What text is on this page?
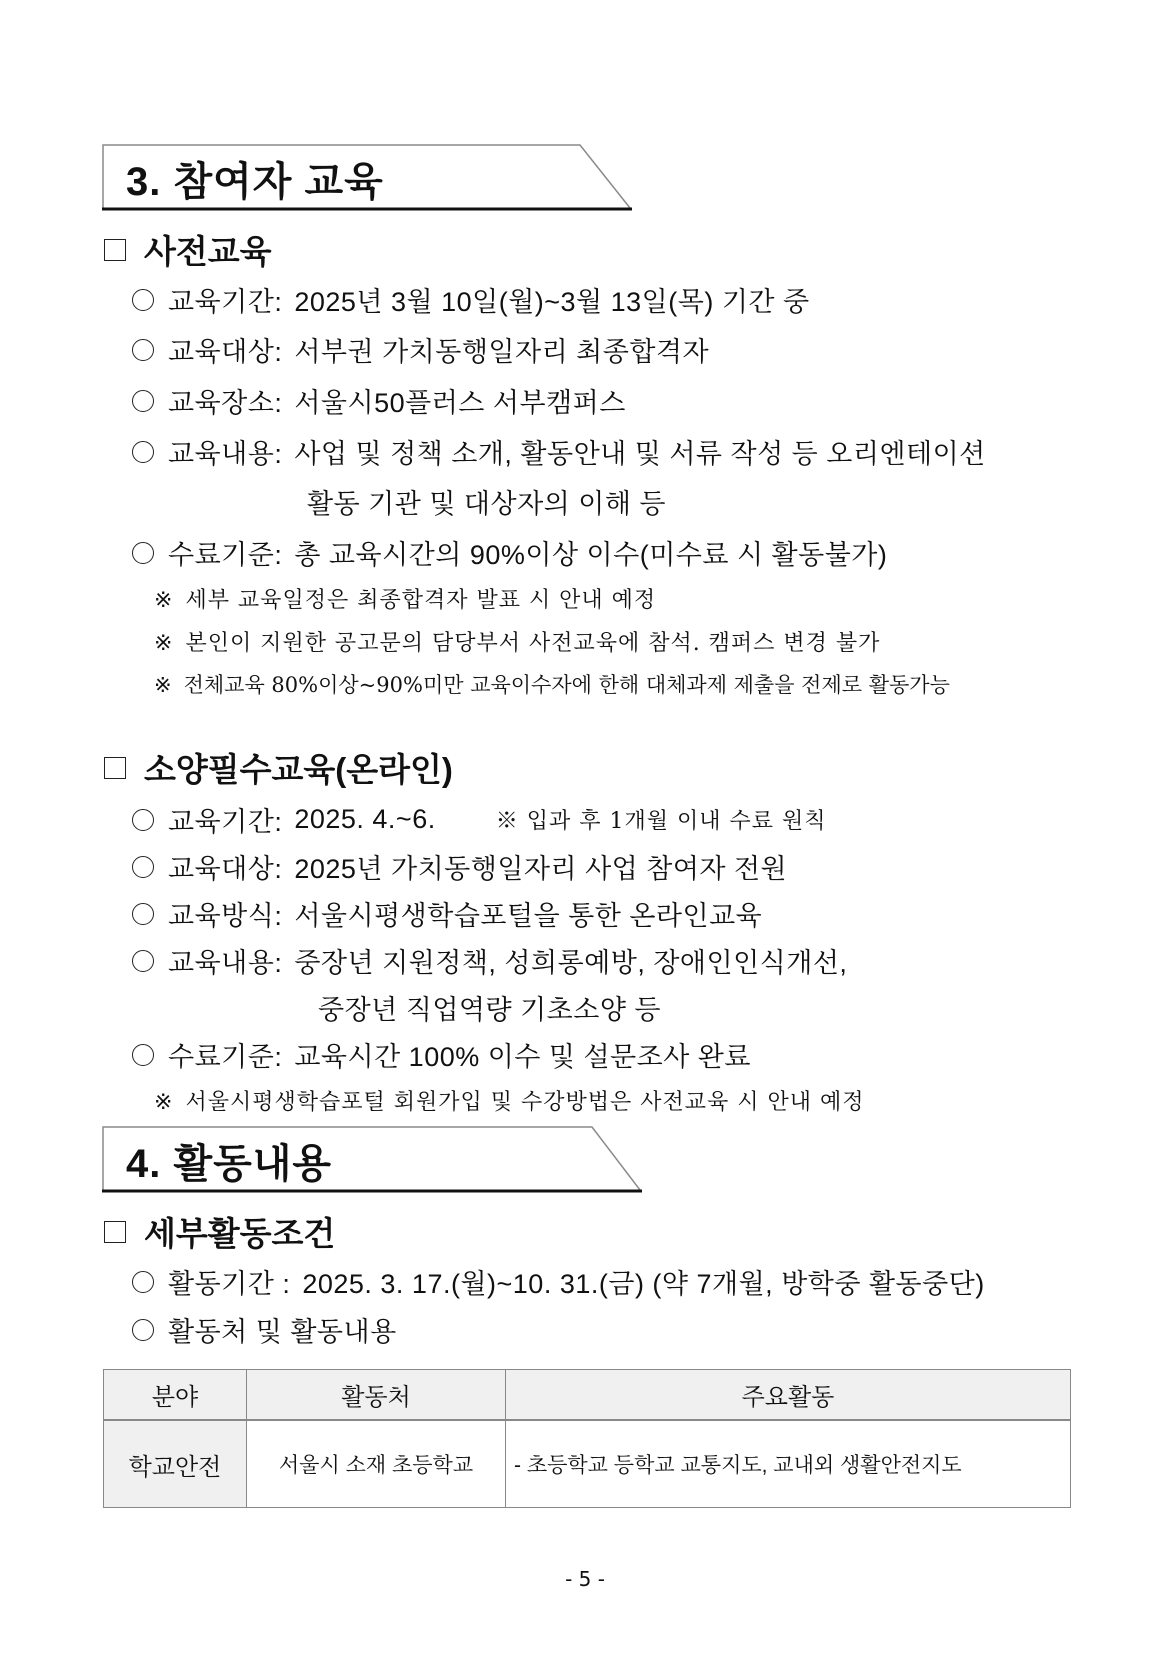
3. 참여자 교육
사전교육
교육기간: 2025년 3월 10일(월)~3월 13일(목) 기간 중
교육대상: 서부권 가치동행일자리 최종합격자
교육장소: 서울시50플러스 서부캠퍼스
교육내용: 사업 및 정책 소개, 활동안내 및 서류 작성 등 오리엔테이션
활동 기관 및 대상자의 이해 등
수료기준: 총 교육시간의 90%이상 이수(미수료 시 활동불가)
※ 세부 교육일정은 최종합격자 발표 시 안내 예정
※ 본인이 지원한 공고문의 담당부서 사전교육에 참석. 캠퍼스 변경 불가
※ 전체교육 80%이상~90%미만 교육이수자에 한해 대체과제 제출을 전제로 활동가능
소양필수교육(온라인)
교육기간: 2025. 4.~6.	※ 입과 후 1개월 이내 수료 원칙
교육대상: 2025년 가치동행일자리 사업 참여자 전원
교육방식: 서울시평생학습포털을 통한 온라인교육
교육내용: 중장년 지원정책, 성희롱예방, 장애인인식개선,
중장년 직업역량 기초소양 등
수료기준: 교육시간 100% 이수 및 설문조사 완료
※ 서울시평생학습포털 회원가입 및 수강방법은 사전교육 시 안내 예정
4. 활동내용
세부활동조건
활동기간 : 2025. 3. 17.(월)~10. 31.(금) (약 7개월, 방학중 활동중단)
활동처 및 활동내용
분야	활동처	주요활동
학교안전	서울시 소재 초등학교	- 초등학교 등학교 교통지도, 교내외 생활안전지도
- 5 -
